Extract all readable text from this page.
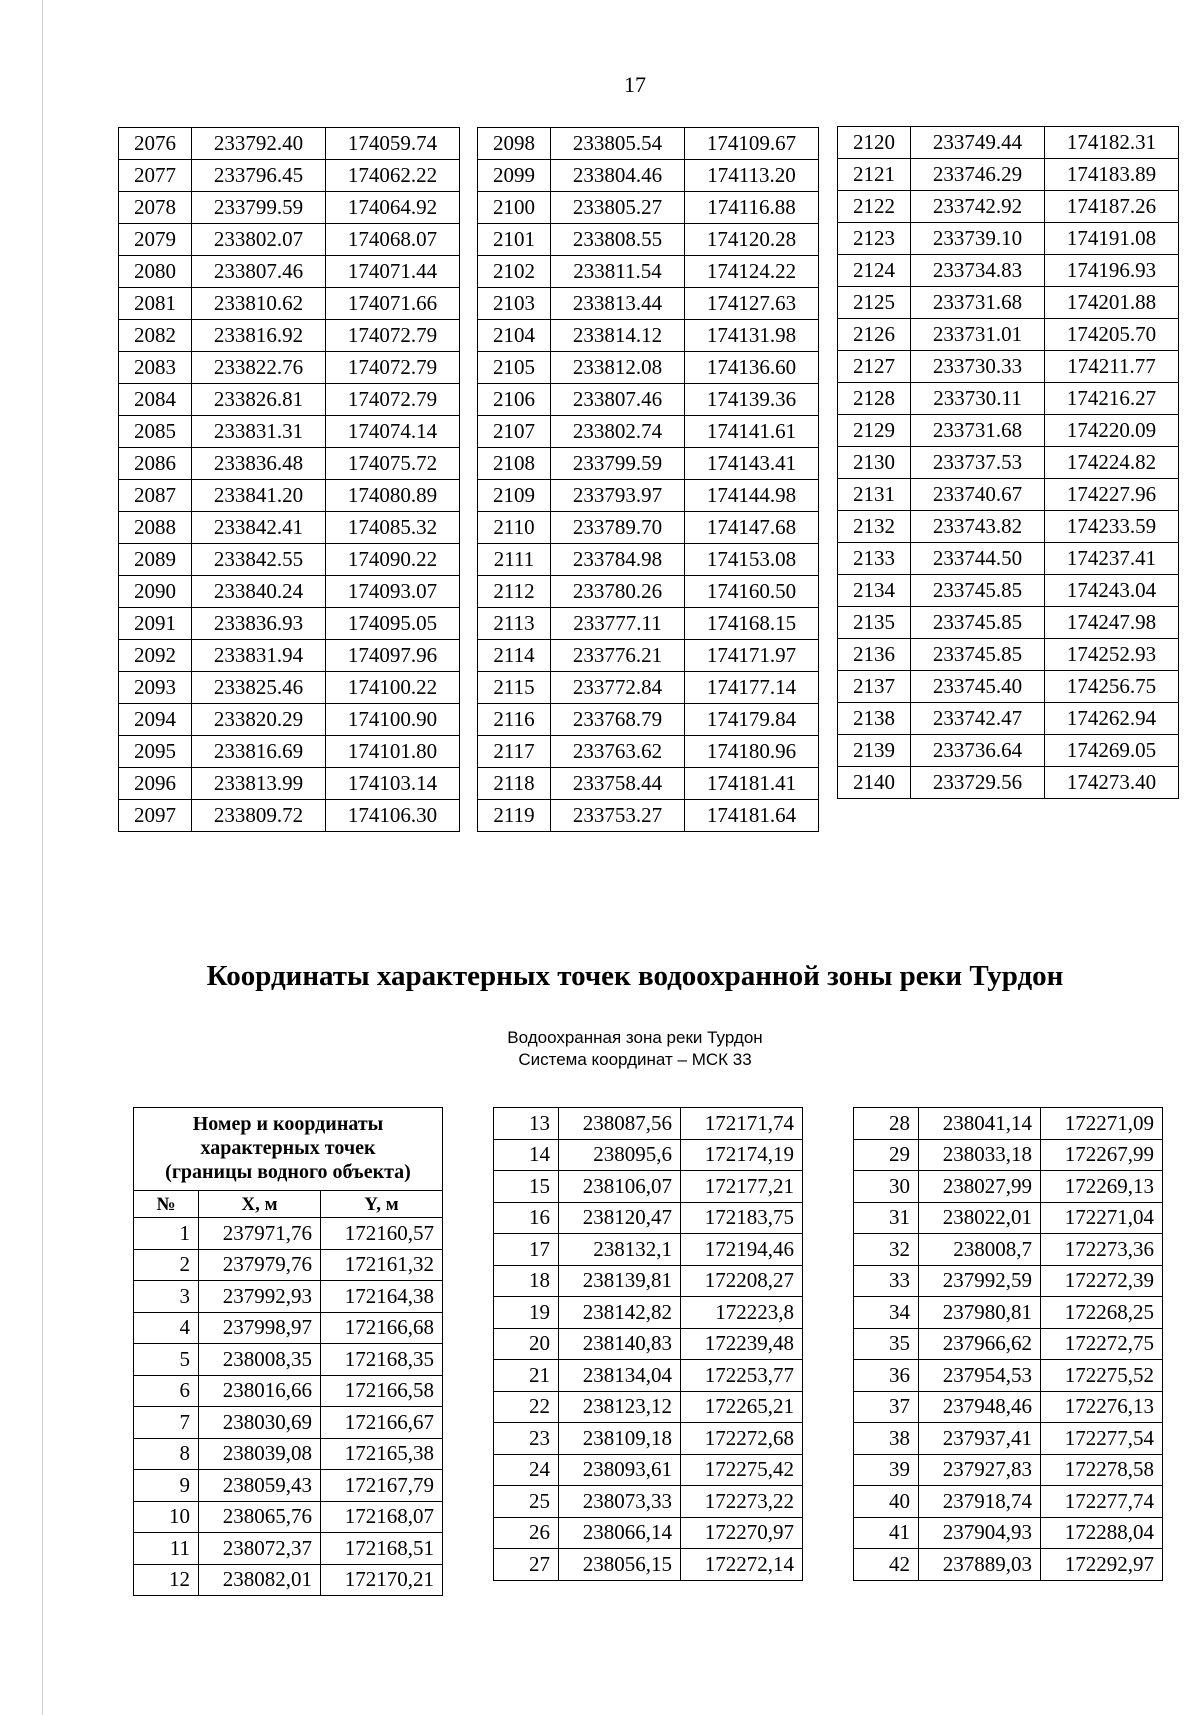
17
2076	233792.40	174059.74
2077	233796.45	174062.22
2078	233799.59	174064.92
2079	233802.07	174068.07
2080	233807.46	174071.44
2081	233810.62	174071.66
2082	233816.92	174072.79
2083	233822.76	174072.79
2084	233826.81	174072.79
2085	233831.31	174074.14
2086	233836.48	174075.72
2087	233841.20	174080.89
2088	233842.41	174085.32
2089	233842.55	174090.22
2090	233840.24	174093.07
2091	233836.93	174095.05
2092	233831.94	174097.96
2093	233825.46	174100.22
2094	233820.29	174100.90
2095	233816.69	174101.80
2096	233813.99	174103.14
2097	233809.72	174106.30
2098	233805.54	174109.67
2099	233804.46	174113.20
2100	233805.27	174116.88
2101	233808.55	174120.28
2102	233811.54	174124.22
2103	233813.44	174127.63
2104	233814.12	174131.98
2105	233812.08	174136.60
2106	233807.46	174139.36
2107	233802.74	174141.61
2108	233799.59	174143.41
2109	233793.97	174144.98
2110	233789.70	174147.68
2111	233784.98	174153.08
2112	233780.26	174160.50
2113	233777.11	174168.15
2114	233776.21	174171.97
2115	233772.84	174177.14
2116	233768.79	174179.84
2117	233763.62	174180.96
2118	233758.44	174181.41
2119	233753.27	174181.64
2120	233749.44	174182.31
2121	233746.29	174183.89
2122	233742.92	174187.26
2123	233739.10	174191.08
2124	233734.83	174196.93
2125	233731.68	174201.88
2126	233731.01	174205.70
2127	233730.33	174211.77
2128	233730.11	174216.27
2129	233731.68	174220.09
2130	233737.53	174224.82
2131	233740.67	174227.96
2132	233743.82	174233.59
2133	233744.50	174237.41
2134	233745.85	174243.04
2135	233745.85	174247.98
2136	233745.85	174252.93
2137	233745.40	174256.75
2138	233742.47	174262.94
2139	233736.64	174269.05
2140	233729.56	174273.40
Координаты характерных точек водоохранной зоны реки Турдон
Водоохранная зона реки Турдон
Система координат – МСК 33
Номер и координаты
характерных точек
(границы водного объекта)		

№	X, м	Y, м
1	237971,76	172160,57
2	237979,76	172161,32
3	237992,93	172164,38
4	237998,97	172166,68
5	238008,35	172168,35
6	238016,66	172166,58
7	238030,69	172166,67
8	238039,08	172165,38
9	238059,43	172167,79
10	238065,76	172168,07
11	238072,37	172168,51
12	238082,01	172170,21
13	238087,56	172171,74
14	238095,6	172174,19
15	238106,07	172177,21
16	238120,47	172183,75
17	238132,1	172194,46
18	238139,81	172208,27
19	238142,82	172223,8
20	238140,83	172239,48
21	238134,04	172253,77
22	238123,12	172265,21
23	238109,18	172272,68
24	238093,61	172275,42
25	238073,33	172273,22
26	238066,14	172270,97
27	238056,15	172272,14
28	238041,14	172271,09
29	238033,18	172267,99
30	238027,99	172269,13
31	238022,01	172271,04
32	238008,7	172273,36
33	237992,59	172272,39
34	237980,81	172268,25
35	237966,62	172272,75
36	237954,53	172275,52
37	237948,46	172276,13
38	237937,41	172277,54
39	237927,83	172278,58
40	237918,74	172277,74
41	237904,93	172288,04
42	237889,03	172292,97
